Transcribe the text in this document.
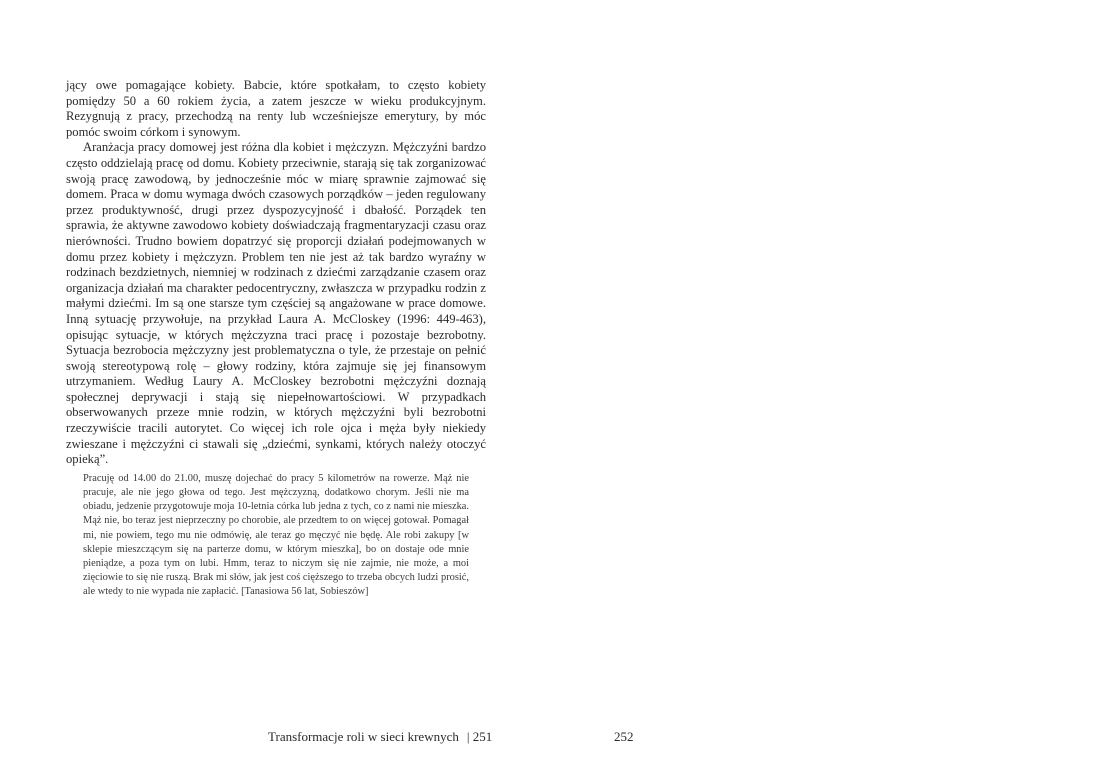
jący owe pomagające kobiety. Babcie, które spotkałam, to często kobiety pomiędzy 50 a 60 rokiem życia, a zatem jeszcze w wieku produkcyjnym. Rezygnują z pracy, przechodzą na renty lub wcześniejsze emerytury, by móc pomóc swoim córkom i synowym.

Aranżacja pracy domowej jest różna dla kobiet i mężczyzn. Mężczyźni bardzo często oddzielają pracę od domu. Kobiety przeciwnie, starają się tak zorganizować swoją pracę zawodową, by jednocześnie móc w miarę sprawnie zajmować się domem. Praca w domu wymaga dwóch czasowych porządków – jeden regulowany przez produktywność, drugi przez dyspozycyjność i dbałość. Porządek ten sprawia, że aktywne zawodowo kobiety doświadczają fragmentaryzacji czasu oraz nierówności. Trudno bowiem dopatrzyć się proporcji działań podejmowanych w domu przez kobiety i mężczyzn. Problem ten nie jest aż tak bardzo wyraźny w rodzinach bezdzietnych, niemniej w rodzinach z dziećmi zarządzanie czasem oraz organizacja działań ma charakter pedocentryczny, zwłaszcza w przypadku rodzin z małymi dziećmi. Im są one starsze tym częściej są angażowane w prace domowe. Inną sytuację przywołuje, na przykład Laura A. McCloskey (1996: 449-463), opisując sytuacje, w których mężczyzna traci pracę i pozostaje bezrobotny. Sytuacja bezrobocia mężczyzny jest problematyczna o tyle, że przestaje on pełnić swoją stereotypową rolę – głowy rodziny, która zajmuje się jej finansowym utrzymaniem. Według Laury A. McCloskey bezrobotni mężczyźni doznają społecznej deprywacji i stają się niepełnowartościowi. W przypadkach obserwowanych przeze mnie rodzin, w których mężczyźni byli bezrobotni rzeczywiście tracili autorytet. Co więcej ich role ojca i męża były niekiedy zwieszane i mężczyźni ci stawali się „dziećmi, synkami, których należy otoczyć opieką”.

Pracuję od 14.00 do 21.00, muszę dojechać do pracy 5 kilometrów na rowerze. Mąż nie pracuje, ale nie jego głowa od tego. Jest mężczyzną, dodatkowo chorym. Jeśli nie ma obiadu, jedzenie przygotowuje moja 10-letnia córka lub jedna z tych, co z nami nie mieszka. Mąż nie, bo teraz jest nieprzeczny po chorobie, ale przedtem to on więcej gotował. Pomagał mi, nie powiem, tego mu nie odmówię, ale teraz go męczyć nie będę. Ale robi zakupy [w sklepie mieszczącym się na parterze domu, w którym mieszka], bo on dostaje ode mnie pieniądze, a poza tym on lubi. Hmm, teraz to niczym się nie zajmie, nie może, a moi zięciowie to się nie ruszą. Brak mi słów, jak jest coś cięższego to trzeba obcych ludzi prosić, ale wtedy to nie wypada nie zapłacić. [Tanasiowa 56 lat, Sobieszów]

Transformacje roli w sieci krewnych | 251	252
